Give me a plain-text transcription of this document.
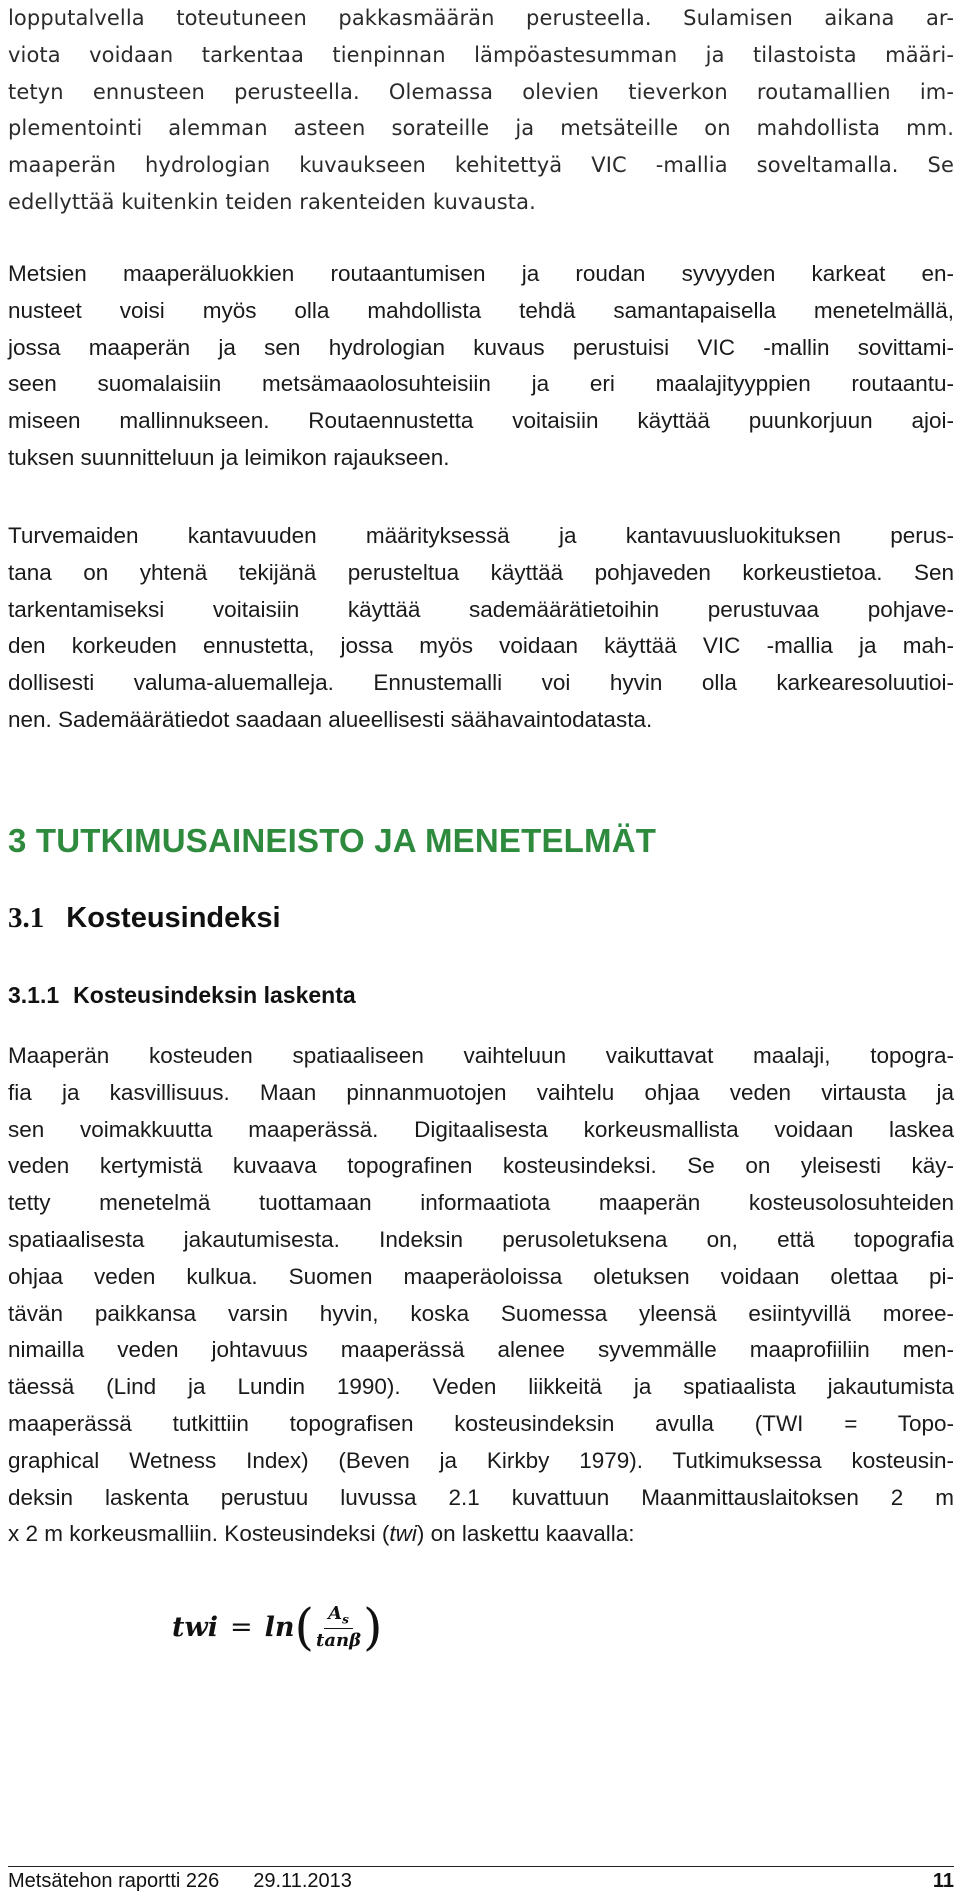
lopputalvella toteutuneen pakkasmäärän perusteella. Sulamisen aikana ar-
viota voidaan tarkentaa tienpinnan lämpöastesumman ja tilastoista määri-
tetyn ennusteen perusteella. Olemassa olevien tieverkon routamallien im-
plementointi alemman asteen sorateille ja metsäteille on mahdollista mm.
maaperän hydrologian kuvaukseen kehitettyä VIC -mallia soveltamalla. Se
edellyttää kuitenkin teiden rakenteiden kuvausta.
Metsien maaperäluokkien routaantumisen ja roudan syvyyden karkeat en-
nusteet voisi myös olla mahdollista tehdä samantapaisella menetelmällä,
jossa maaperän ja sen hydrologian kuvaus perustuisi VIC -mallin sovittami-
seen suomalaisiin metsämaaolosuhteisiin ja eri maalajityyppien routaantu-
miseen mallinnukseen. Routaennustetta voitaisiin käyttää puunkorjuun ajoi-
tuksen suunnitteluun ja leimikon rajaukseen.
Turvemaiden kantavuuden määrityksessä ja kantavuusluokituksen perus-
tana on yhtenä tekijänä perusteltua käyttää pohjaveden korkeustietoa. Sen
tarkentamiseksi voitaisiin käyttää sademäärätietoihin perustuvaa pohjave-
den korkeuden ennustetta, jossa myös voidaan käyttää VIC -mallia ja mah-
dollisesti valuma-aluemalleja. Ennustemalli voi hyvin olla karkearesoluutioi-
nen. Sademäärätiedot saadaan alueellisesti säähavaintodatasta.
3 TUTKIMUSAINEISTO JA MENETELMÄT
3.1 Kosteusindeksi
3.1.1 Kosteusindeksin laskenta
Maaperän kosteuden spatiaaliseen vaihteluun vaikuttavat maalaji, topogra-
fia ja kasvillisuus. Maan pinnanmuotojen vaihtelu ohjaa veden virtausta ja
sen voimakkuutta maaperässä. Digitaalisesta korkeusmallista voidaan laskea
veden kertymistä kuvaava topografinen kosteusindeksi. Se on yleisesti käy-
tetty menetelmä tuottamaan informaatiota maaperän kosteusolosuhteiden
spatiaalisesta jakautumisesta. Indeksin perusoletuksena on, että topografia
ohjaa veden kulkua. Suomen maaperäoloissa oletuksen voidaan olettaa pi-
tävän paikkansa varsin hyvin, koska Suomessa yleensä esiintyvillä moree-
nimailla veden johtavuus maaperässä alenee syvemmälle maaprofiiliin men-
täessä (Lind ja Lundin 1990). Veden liikkeitä ja spatiaalista jakautumista
maaperässä tutkittiin topografisen kosteusindeksin avulla (TWI = Topo-
graphical Wetness Index) (Beven ja Kirkby 1979). Tutkimuksessa kosteusin-
deksin laskenta perustuu luvussa 2.1 kuvattuun Maanmittauslaitoksen 2 m
x 2 m korkeusmalliin. Kosteusindeksi (twi) on laskettu kaavalla:
twi = ln ( $\frac{A_s}{\tan\beta}$ )
Metsätehon raportti 226 29.11.2013	11
